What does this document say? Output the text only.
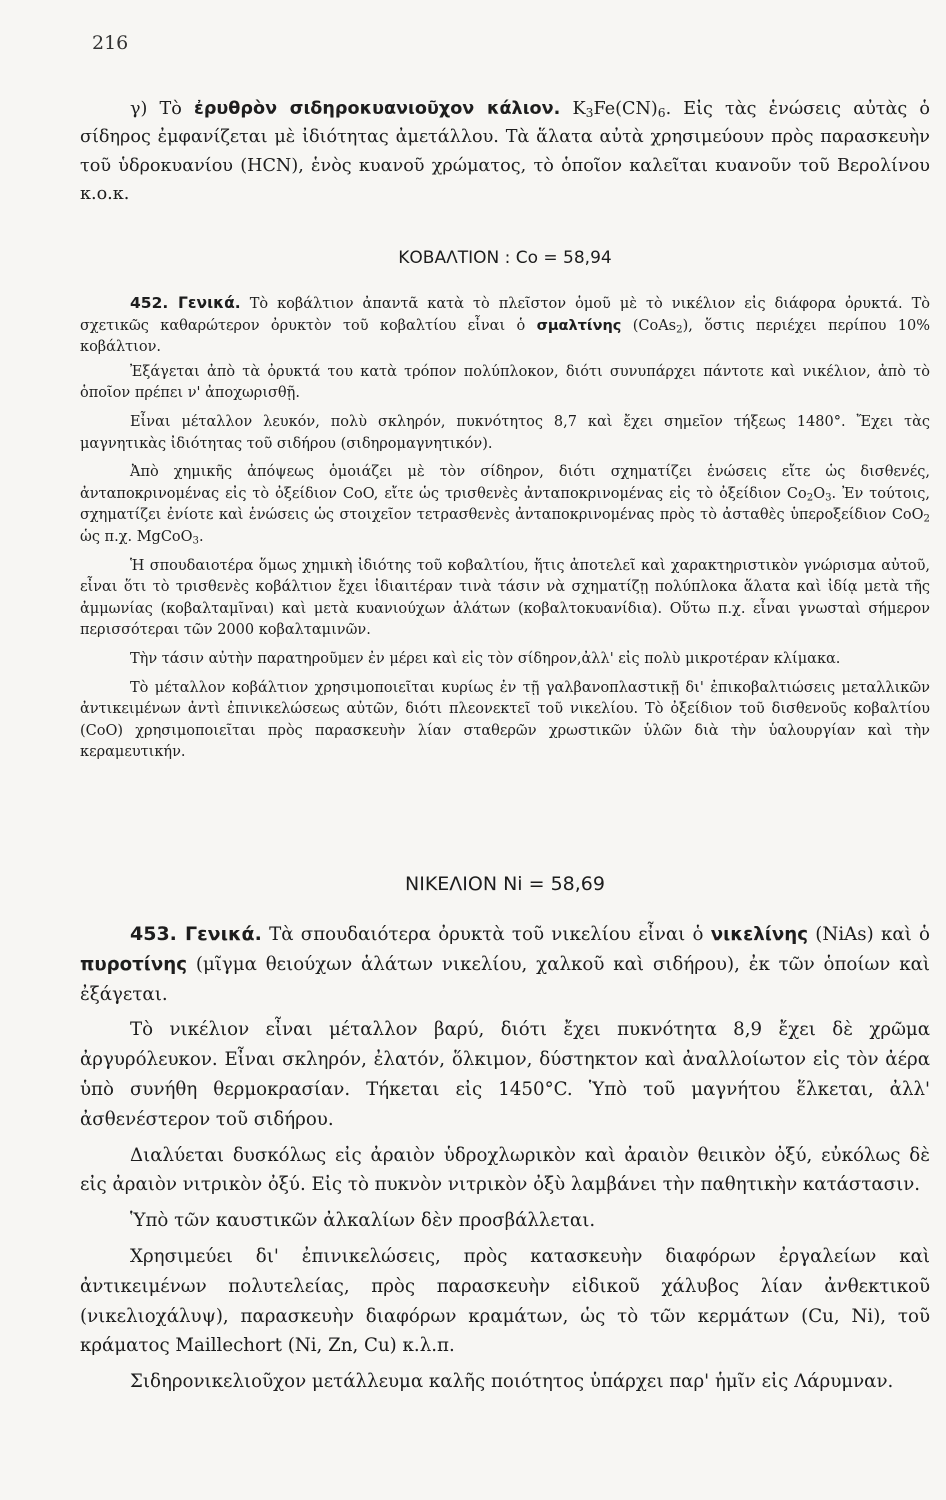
216

γ) Τὸ ἐρυθρὸν σιδηροκυανιοῦχον κάλιον. $K_3Fe(CN)_6$. Εἰς τὰς ἑνώσεις αὐτὰς ὁ σίδηρος ἐμφανίζεται μὲ ἰδιότητας ἀμετάλλου. Τὰ ἅλατα αὐτὰ χρησιμεύουν πρὸς παρασκευὴν τοῦ ὑδροκυανίου (HCN), ἑνὸς κυανοῦ χρώματος, τὸ ὁποῖον καλεῖται κυανοῦν τοῦ Βερολίνου κ.ο.κ.

ΚΟΒΑΛΤΙΟΝ : Co = 58,94

452. Γενικά. Τὸ κοβάλτιον ἀπαντᾶ κατὰ τὸ πλεῖστον ὁμοῦ μὲ τὸ νικέλιον εἰς διάφορα ὀρυκτά. Τὸ σχετικῶς καθαρώτερον ὀρυκτὸν τοῦ κοβαλτίου εἶναι ὁ σμαλτίνης (CoAs$_2$), ὅστις περιέχει περίπου 10% κοβάλτιον.

Ἐξάγεται ἀπὸ τὰ ὀρυκτά του κατὰ τρόπον πολύπλοκον, διότι συνυπάρχει πάντοτε καὶ νικέλιον, ἀπὸ τὸ ὁποῖον πρέπει ν' ἀποχωρισθῇ.

Εἶναι μέταλλον λευκόν, πολὺ σκληρόν, πυκνότητος 8,7 καὶ ἔχει σημεῖον τήξεως 1480°. Ἔχει τὰς μαγνητικὰς ἰδιότητας τοῦ σιδήρου (σιδηρομαγνητικόν).

Ἀπὸ χημικῆς ἀπόψεως ὁμοιάζει μὲ τὸν σίδηρον, διότι σχηματίζει ἑνώσεις εἴτε ὡς δισθενές, ἀνταποκρινομένας εἰς τὸ ὀξείδιον CoO, εἴτε ὡς τρισθενὲς ἀνταποκρινομένας εἰς τὸ ὀξείδιον $Co_2O_3$. Ἐν τούτοις, σχηματίζει ἐνίοτε καὶ ἑνώσεις ὡς στοιχεῖον τετρασθενὲς ἀνταποκρινομένας πρὸς τὸ ἀσταθὲς ὑπεροξείδιον CoO$_2$ ὡς π.χ. MgCoO$_3$.

Ἡ σπουδαιοτέρα ὅμως χημικὴ ἰδιότης τοῦ κοβαλτίου, ἥτις ἀποτελεῖ καὶ χαρακτηριστικὸν γνώρισμα αὐτοῦ, εἶναι ὅτι τὸ τρισθενὲς κοβάλτιον ἔχει ἰδιαιτέραν τινὰ τάσιν νὰ σχηματίζῃ πολύπλοκα ἅλατα καὶ ἰδίᾳ μετὰ τῆς ἀμμωνίας (κοβαλταμῖναι) καὶ μετὰ κυανιούχων ἁλάτων (κοβαλτοκυανίδια). Οὕτω π.χ. εἶναι γνωσταὶ σήμερον περισσότεραι τῶν 2000 κοβαλταμινῶν.

Τὴν τάσιν αὐτὴν παρατηροῦμεν ἐν μέρει καὶ εἰς τὸν σίδηρον,ἀλλ' εἰς πολὺ μικροτέραν κλίμακα.

Τὸ μέταλλον κοβάλτιον χρησιμοποιεῖται κυρίως ἐν τῇ γαλβανοπλαστικῇ δι' ἐπικοβαλτιώσεις μεταλλικῶν ἀντικειμένων ἀντὶ ἐπινικελώσεως αὐτῶν, διότι πλεονεκτεῖ τοῦ νικελίου. Τὸ ὀξείδιον τοῦ δισθενοῦς κοβαλτίου (CoO) χρησιμοποιεῖται πρὸς παρασκευὴν λίαν σταθερῶν χρωστικῶν ὑλῶν διὰ τὴν ὑαλουργίαν καὶ τὴν κεραμευτικήν.

ΝΙΚΕΛΙΟΝ Ni = 58,69

453. Γενικά. Τὰ σπουδαιότερα ὀρυκτὰ τοῦ νικελίου εἶναι ὁ νικελίνης (NiAs) καὶ ὁ πυροτίνης (μῖγμα θειούχων ἁλάτων νικελίου, χαλκοῦ καὶ σιδήρου), ἐκ τῶν ὁποίων καὶ ἐξάγεται.

Τὸ νικέλιον εἶναι μέταλλον βαρύ, διότι ἔχει πυκνότητα 8,9 ἔχει δὲ χρῶμα ἀργυρόλευκον. Εἶναι σκληρόν, ἐλατόν, ὅλκιμον, δύστηκτον καὶ ἀναλλοίωτον εἰς τὸν ἀέρα ὑπὸ συνήθη θερμοκρασίαν. Τήκεται εἰς 1450°C. Ὑπὸ τοῦ μαγνήτου ἕλκεται, ἀλλ' ἀσθενέστερον τοῦ σιδήρου.

Διαλύεται δυσκόλως εἰς ἀραιὸν ὑδροχλωρικὸν καὶ ἀραιὸν θειικὸν ὀξύ, εὐκόλως δὲ εἰς ἀραιὸν νιτρικὸν ὀξύ. Εἰς τὸ πυκνὸν νιτρικὸν ὀξὺ λαμβάνει τὴν παθητικὴν κατάστασιν.

Ὑπὸ τῶν καυστικῶν ἀλκαλίων δὲν προσβάλλεται.

Χρησιμεύει δι' ἐπινικελώσεις, πρὸς κατασκευὴν διαφόρων ἐργαλείων καὶ ἀντικειμένων πολυτελείας, πρὸς παρασκευὴν εἰδικοῦ χάλυβος λίαν ἀνθεκτικοῦ (νικελιοχάλυψ), παρασκευὴν διαφόρων κραμάτων, ὡς τὸ τῶν κερμάτων (Cu, Ni), τοῦ κράματος Maillechort (Ni, Zn, Cu) κ.λ.π.

Σιδηρονικελιοῦχον μετάλλευμα καλῆς ποιότητος ὑπάρχει παρ' ἡμῖν εἰς Λάρυμναν.
